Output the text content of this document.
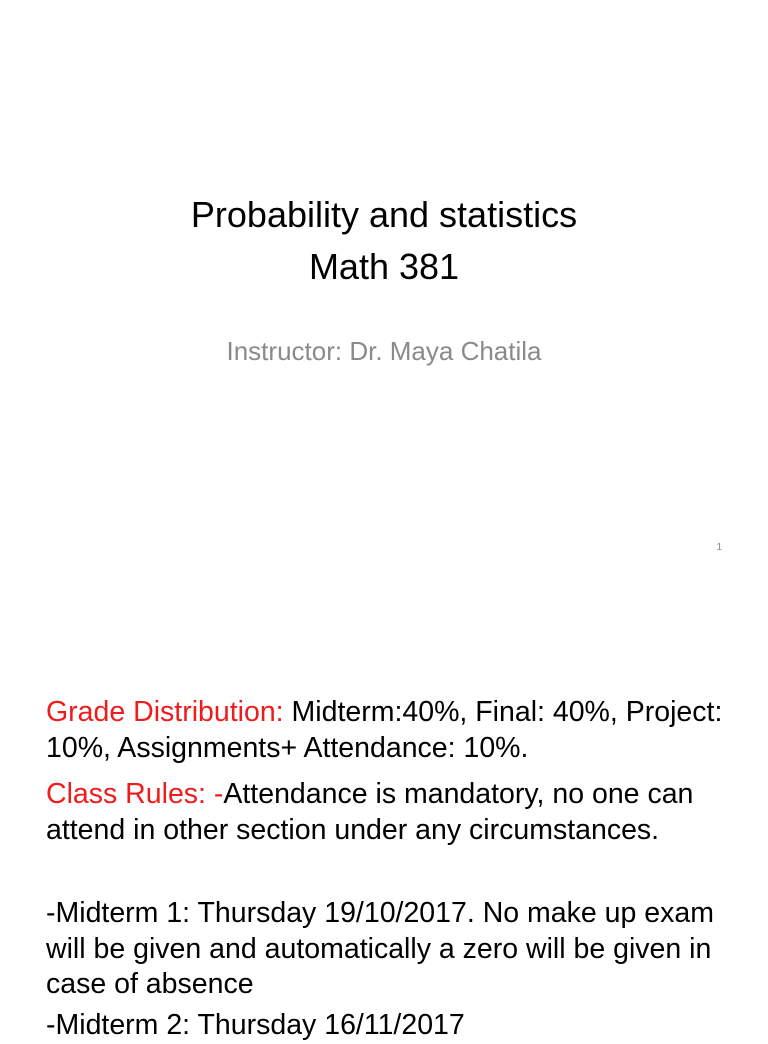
Probability and statistics
Math 381
Instructor: Dr. Maya Chatila
1

Grade Distribution: Midterm:40%, Final: 40%, Project: 10%, Assignments+ Attendance: 10%.

Class Rules: -Attendance is mandatory, no one can attend in other section under any circumstances.

-Midterm 1: Thursday 19/10/2017. No make up exam will be given and automatically a zero will be given in case of absence

-Midterm 2: Thursday 16/11/2017
